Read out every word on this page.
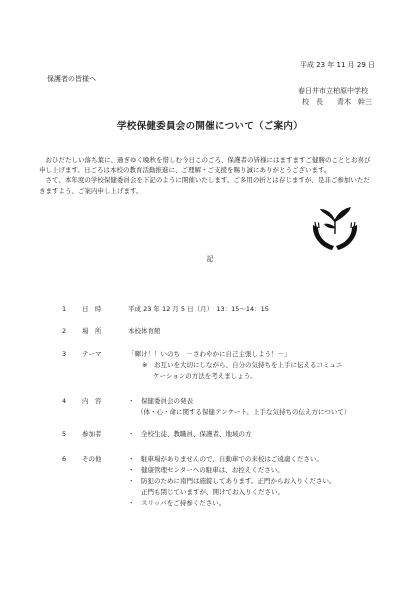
平成 23 年 11 月 29 日
保護者の皆様へ
春日井市立柏原中学校
校　長　　青木　幹三
学校保健委員会の開催について（ご案内）

　おひだたしい落ち葉に、過ぎゆく晩秋を惜しむ今日このごろ、保護者の皆様にはますますご健勝のこととお喜び申し上げます。日ごろは本校の教育活動推進に、ご理解・ご支援を賜り誠にありがとうございます。

　さて、本年度の学校保健委員会を下記のように開催いたします。ご多用の折とは存じますが、是非ご参加いただきますよう、ご案内申し上げます。

記
1	日　時	平成 23 年 12 月 5 日（月）　13：15～14：15
2	場　所	本校体育館
3	テーマ	「輝け！！いのち　－さわやかに自己主張しよう！－」
※　お互いを大切にしながら、自分の気持ちを上手に伝えるコミュニ
ケーションの方法を考えましょう。
4	内　容	・　保健委員会の発表
（体・心・命に関する保健アンケート、上手な気持ちの伝え方について）
5	参加者	・　全校生徒、教職員、保護者、地域の方
6	その他	・　駐車場がありませんので、自動車での来校はご遠慮ください。
・　健康管理センターへの駐車は、お控えください。
・　防犯のために南門は施錠してあります。正門からお入りください。
　　正門も閉じていますが、開けてお入りください。
・　スリッパをご持参ください。
